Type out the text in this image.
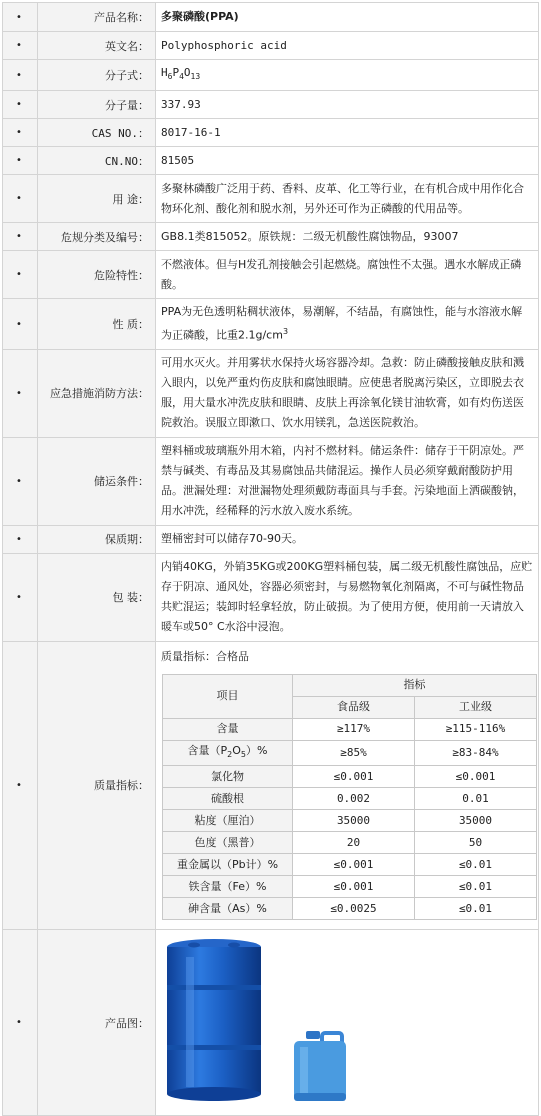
•	产品名称：	多聚磷酸(PPA)
•	英文名：	Polyphosphoric acid
•	分子式：	$H_6P_4O_{13}$
•	分子量：	337.93
•	CAS NO.：	8017-16-1
•	CN.NO：	81505
•	用 途：	多聚林磷酸广泛用于药、香料、皮革、化工等行业，在有机合成中用作化合物环化剂、酸化剂和脱水剂，另外还可作为正磷酸的代用品等。
•	危规分类及编号：	GB8.1类815052。原铁规：二级无机酸性腐蚀物品，93007
•	危险特性：	不燃液体。但与H发孔剂接触会引起燃烧。腐蚀性不太强。遇水水解成正磷酸。
•	性 质：	PPA为无色透明粘稠状液体，易潮解，不结晶，有腐蚀性，能与水溶液水解为正磷酸，比重$2.1g/cm^3$
•	应急措施消防方法：	可用水灭火。并用雾状水保持火场容器冷却。急救：防止磷酸接触皮肤和溅入眼内，以免严重灼伤皮肤和腐蚀眼睛。应使患者脱离污染区，立即脱去衣服，用大量水冲洗皮肤和眼睛、皮肤上再涂氧化镁甘油软膏，如有灼伤送医院救治。误服立即漱口、饮水用镁乳，急送医院救治。
•	储运条件：	塑料桶或玻璃瓶外用木箱，内衬不燃材料。储运条件：储存于干阴凉处。严禁与碱类、有毒品及其易腐蚀品共储混运。操作人员必须穿戴耐酸防护用品。泄漏处理：对泄漏物处理须戴防毒面具与手套。污染地面上洒碳酸钠，用水冲洗，经稀释的污水放入废水系统。
•	保质期：	塑桶密封可以储存70-90天。
•	包 装：	内销40KG，外销35KG或200KG塑料桶包装，属二级无机酸性腐蚀品，应贮存于阴凉、通风处，容器必须密封，与易燃物氧化剂隔离，不可与碱性物品共贮混运；装卸时轻拿轻放，防止破损。为了使用方便，使用前一天请放入暖车或50° C水浴中浸泡。
•	质量指标：	
质量指标：合格品
项目	指标
食品级	工业级
含量	≥117%	≥115-116%
含量$(P_2O_5)\%$	≥85%	≥83-84%
氯化物	≤0.001	≤0.001
硫酸根	0.002	0.01
粘度（厘泊）	35000	35000
色度（黑普）	20	50
重金属以（Pb计）%	≤0.001	≤0.01
铁含量（Fe）%	≤0.001	≤0.01
砷含量（As）%	≤0.0025	≤0.01

•	产品图：	
